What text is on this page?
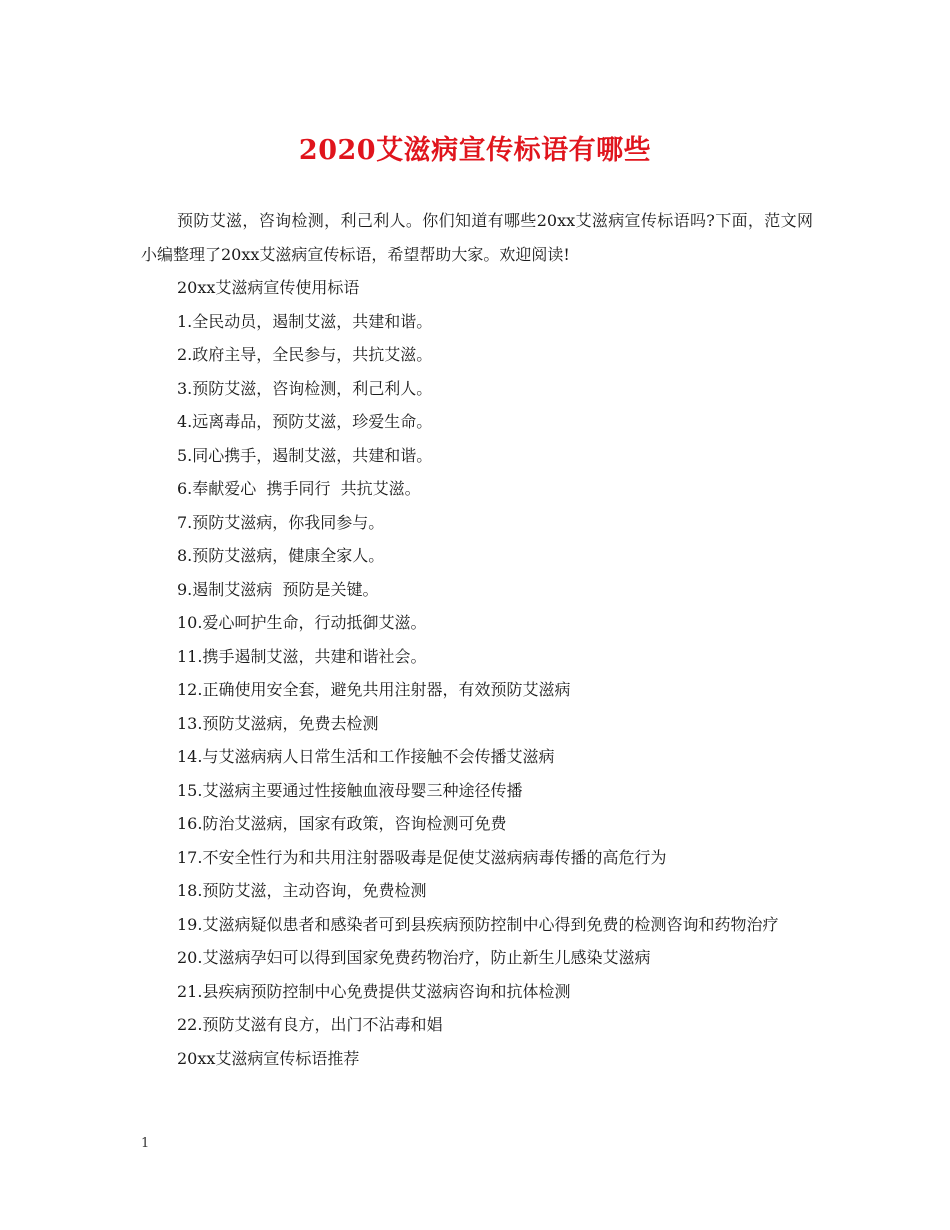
2020艾滋病宣传标语有哪些

预防艾滋，咨询检测，利己利人。你们知道有哪些20xx艾滋病宣传标语吗?下面，范文网小编整理了20xx艾滋病宣传标语，希望帮助大家。欢迎阅读!

20xx艾滋病宣传使用标语

1.全民动员，遏制艾滋，共建和谐。

2.政府主导，全民参与，共抗艾滋。

3.预防艾滋，咨询检测，利己利人。

4.远离毒品，预防艾滋，珍爱生命。

5.同心携手，遏制艾滋，共建和谐。

6.奉献爱心  携手同行  共抗艾滋。

7.预防艾滋病，你我同参与。

8.预防艾滋病，健康全家人。

9.遏制艾滋病  预防是关键。

10.爱心呵护生命，行动抵御艾滋。

11.携手遏制艾滋，共建和谐社会。

12.正确使用安全套，避免共用注射器，有效预防艾滋病

13.预防艾滋病，免费去检测

14.与艾滋病病人日常生活和工作接触不会传播艾滋病

15.艾滋病主要通过性接触血液母婴三种途径传播

16.防治艾滋病，国家有政策，咨询检测可免费

17.不安全性行为和共用注射器吸毒是促使艾滋病病毒传播的高危行为

18.预防艾滋，主动咨询，免费检测

19.艾滋病疑似患者和感染者可到县疾病预防控制中心得到免费的检测咨询和药物治疗

20.艾滋病孕妇可以得到国家免费药物治疗，防止新生儿感染艾滋病

21.县疾病预防控制中心免费提供艾滋病咨询和抗体检测

22.预防艾滋有良方，出门不沾毒和娼

20xx艾滋病宣传标语推荐

1
